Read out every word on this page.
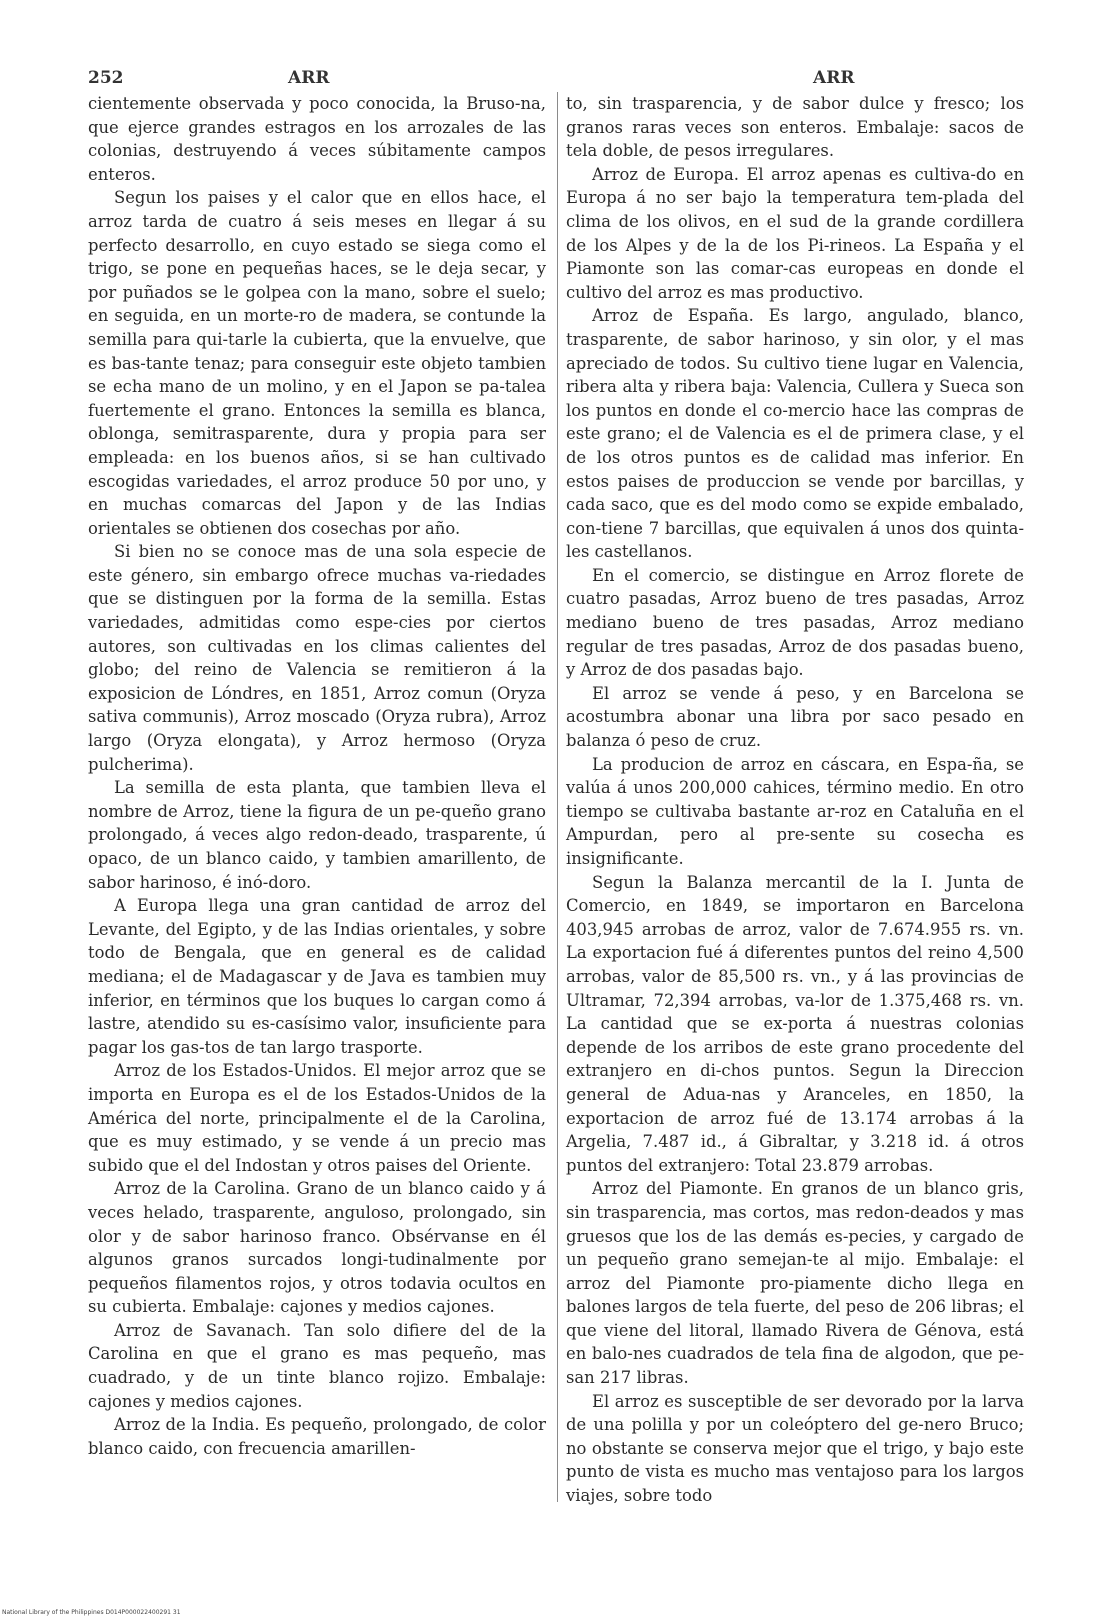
252	ARR	ARR

cientemente observada y poco conocida, la Bruso-na, que ejerce grandes estragos en los arrozales de las colonias, destruyendo á veces súbitamente campos enteros.

Segun los paises y el calor que en ellos hace, el arroz tarda de cuatro á seis meses en llegar á su perfecto desarrollo, en cuyo estado se siega como el trigo, se pone en pequeñas haces, se le deja secar, y por puñados se le golpea con la mano, sobre el suelo; en seguida, en un morte-ro de madera, se contunde la semilla para qui-tarle la cubierta, que la envuelve, que es bas-tante tenaz; para conseguir este objeto tambien se echa mano de un molino, y en el Japon se pa-talea fuertemente el grano. Entonces la semilla es blanca, oblonga, semitrasparente, dura y propia para ser empleada: en los buenos años, si se han cultivado escogidas variedades, el arroz produce 50 por uno, y en muchas comarcas del Japon y de las Indias orientales se obtienen dos cosechas por año.

Si bien no se conoce mas de una sola especie de este género, sin embargo ofrece muchas va-riedades que se distinguen por la forma de la semilla. Estas variedades, admitidas como espe-cies por ciertos autores, son cultivadas en los climas calientes del globo; del reino de Valencia se remitieron á la exposicion de Lóndres, en 1851, Arroz comun (Oryza sativa communis), Arroz moscado (Oryza rubra), Arroz largo (Oryza elongata), y Arroz hermoso (Oryza pulcherima).

La semilla de esta planta, que tambien lleva el nombre de Arroz, tiene la figura de un pe-queño grano prolongado, á veces algo redon-deado, trasparente, ú opaco, de un blanco caido, y tambien amarillento, de sabor harinoso, é inó-doro.

A Europa llega una gran cantidad de arroz del Levante, del Egipto, y de las Indias orientales, y sobre todo de Bengala, que en general es de calidad mediana; el de Madagascar y de Java es tambien muy inferior, en términos que los buques lo cargan como á lastre, atendido su es-casísimo valor, insuficiente para pagar los gas-tos de tan largo trasporte.

Arroz de los Estados-Unidos. El mejor arroz que se importa en Europa es el de los Estados-Unidos de la América del norte, principalmente el de la Carolina, que es muy estimado, y se vende á un precio mas subido que el del Indostan y otros paises del Oriente.

Arroz de la Carolina. Grano de un blanco caido y á veces helado, trasparente, anguloso, prolongado, sin olor y de sabor harinoso franco. Obsérvanse en él algunos granos surcados longi-tudinalmente por pequeños filamentos rojos, y otros todavia ocultos en su cubierta. Embalaje: cajones y medios cajones.

Arroz de Savanach. Tan solo difiere del de la Carolina en que el grano es mas pequeño, mas cuadrado, y de un tinte blanco rojizo. Embalaje: cajones y medios cajones.

Arroz de la India. Es pequeño, prolongado, de color blanco caido, con frecuencia amarillen-

to, sin trasparencia, y de sabor dulce y fresco; los granos raras veces son enteros. Embalaje: sacos de tela doble, de pesos irregulares.

Arroz de Europa. El arroz apenas es cultiva-do en Europa á no ser bajo la temperatura tem-plada del clima de los olivos, en el sud de la grande cordillera de los Alpes y de la de los Pi-rineos. La España y el Piamonte son las comar-cas europeas en donde el cultivo del arroz es mas productivo.

Arroz de España. Es largo, angulado, blanco, trasparente, de sabor harinoso, y sin olor, y el mas apreciado de todos. Su cultivo tiene lugar en Valencia, ribera alta y ribera baja: Valencia, Cullera y Sueca son los puntos en donde el co-mercio hace las compras de este grano; el de Valencia es el de primera clase, y el de los otros puntos es de calidad mas inferior. En estos paises de produccion se vende por barcillas, y cada saco, que es del modo como se expide embalado, con-tiene 7 barcillas, que equivalen á unos dos quinta-les castellanos.

En el comercio, se distingue en Arroz florete de cuatro pasadas, Arroz bueno de tres pasadas, Arroz mediano bueno de tres pasadas, Arroz mediano regular de tres pasadas, Arroz de dos pasadas bueno, y Arroz de dos pasadas bajo.

El arroz se vende á peso, y en Barcelona se acostumbra abonar una libra por saco pesado en balanza ó peso de cruz.

La producion de arroz en cáscara, en Espa-ña, se valúa á unos 200,000 cahices, término medio. En otro tiempo se cultivaba bastante ar-roz en Cataluña en el Ampurdan, pero al pre-sente su cosecha es insignificante.

Segun la Balanza mercantil de la I. Junta de Comercio, en 1849, se importaron en Barcelona 403,945 arrobas de arroz, valor de 7.674.955 rs. vn. La exportacion fué á diferentes puntos del reino 4,500 arrobas, valor de 85,500 rs. vn., y á las provincias de Ultramar, 72,394 arrobas, va-lor de 1.375,468 rs. vn. La cantidad que se ex-porta á nuestras colonias depende de los arribos de este grano procedente del extranjero en di-chos puntos. Segun la Direccion general de Adua-nas y Aranceles, en 1850, la exportacion de arroz fué de 13.174 arrobas á la Argelia, 7.487 id., á Gibraltar, y 3.218 id. á otros puntos del extranjero: Total 23.879 arrobas.

Arroz del Piamonte. En granos de un blanco gris, sin trasparencia, mas cortos, mas redon-deados y mas gruesos que los de las demás es-pecies, y cargado de un pequeño grano semejan-te al mijo. Embalaje: el arroz del Piamonte pro-piamente dicho llega en balones largos de tela fuerte, del peso de 206 libras; el que viene del litoral, llamado Rivera de Génova, está en balo-nes cuadrados de tela fina de algodon, que pe-san 217 libras.

El arroz es susceptible de ser devorado por la larva de una polilla y por un coleóptero del ge-nero Bruco; no obstante se conserva mejor que el trigo, y bajo este punto de vista es mucho mas ventajoso para los largos viajes, sobre todo

National Library of the Philippines D014P000022400291 31
